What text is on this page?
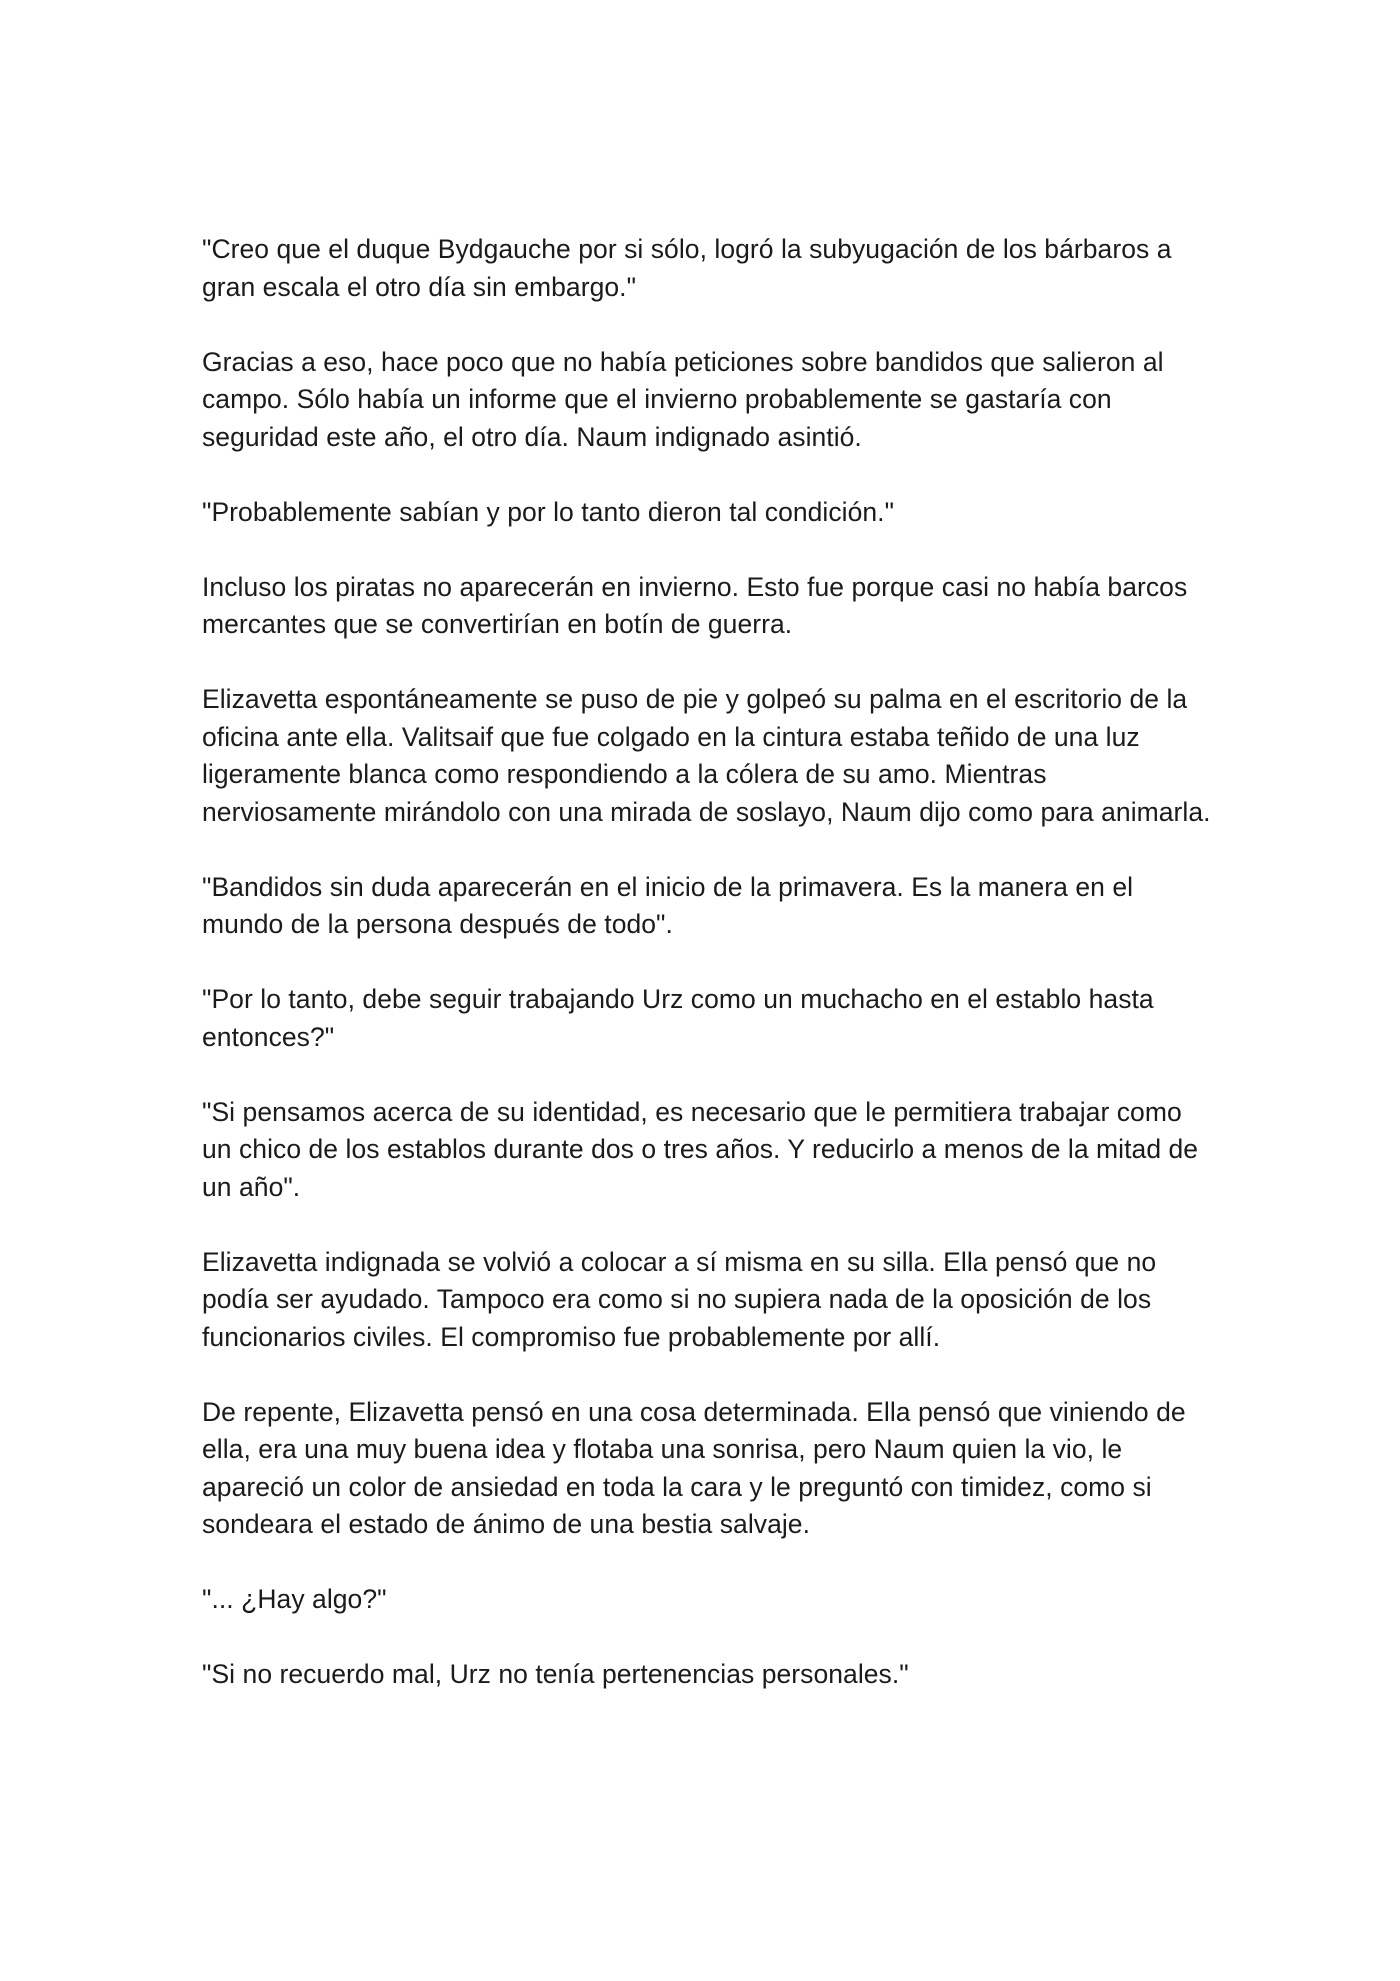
"Creo que el duque Bydgauche por si sólo, logró la subyugación de los bárbaros a gran escala el otro día sin embargo."

Gracias a eso, hace poco que no había peticiones sobre bandidos que salieron al campo. Sólo había un informe que el invierno probablemente se gastaría con seguridad este año, el otro día. Naum indignado asintió.

"Probablemente sabían y por lo tanto dieron tal condición."

Incluso los piratas no aparecerán en invierno. Esto fue porque casi no había barcos mercantes que se convertirían en botín de guerra.

Elizavetta espontáneamente se puso de pie y golpeó su palma en el escritorio de la oficina ante ella. Valitsaif que fue colgado en la cintura estaba teñido de una luz ligeramente blanca como respondiendo a la cólera de su amo. Mientras nerviosamente mirándolo con una mirada de soslayo, Naum dijo como para animarla.

"Bandidos sin duda aparecerán en el inicio de la primavera. Es la manera en el mundo de la persona después de todo".

"Por lo tanto, debe seguir trabajando Urz como un muchacho en el establo hasta entonces?"

"Si pensamos acerca de su identidad, es necesario que le permitiera trabajar como un chico de los establos durante dos o tres años. Y reducirlo a menos de la mitad de un año".

Elizavetta indignada se volvió a colocar a sí misma en su silla. Ella pensó que no podía ser ayudado. Tampoco era como si no supiera nada de la oposición de los funcionarios civiles. El compromiso fue probablemente por allí.

De repente, Elizavetta pensó en una cosa determinada. Ella pensó que viniendo de ella, era una muy buena idea y flotaba una sonrisa, pero Naum quien la vio, le apareció un color de ansiedad en toda la cara y le preguntó con timidez, como si sondeara el estado de ánimo de una bestia salvaje.

"... ¿Hay algo?"

"Si no recuerdo mal, Urz no tenía pertenencias personales."
